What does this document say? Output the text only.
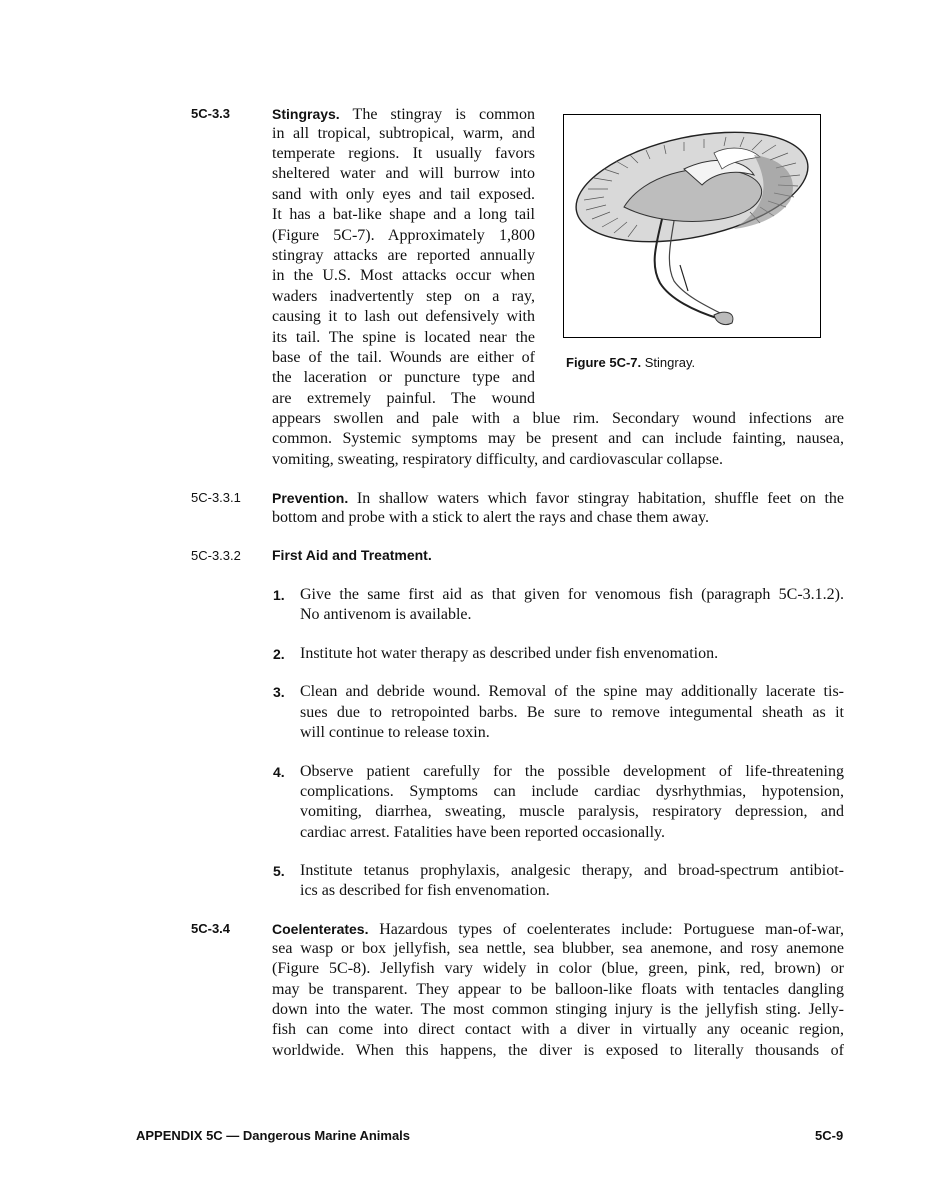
5C-3.3	Stingrays. The stingray is common
in all tropical, subtropical, warm, and
temperate regions. It usually favors
sheltered water and will burrow into
sand with only eyes and tail exposed.
It has a bat-like shape and a long tail
(Figure 5C-7). Approximately 1,800
stingray attacks are reported annually
in the U.S. Most attacks occur when
waders inadvertently step on a ray,
causing it to lash out defensively with
its tail. The spine is located near the
base of the tail. Wounds are either of
the laceration or puncture type and
are extremely painful. The wound
appears swollen and pale with a blue rim. Secondary wound infections are
common. Systemic symptoms may be present and can include fainting, nausea,
vomiting, sweating, respiratory difficulty, and cardiovascular collapse.
Figure 5C-7. Stingray.
5C-3.3.1 Prevention. In shallow waters which favor stingray habitation, shuffle feet on the
bottom and probe with a stick to alert the rays and chase them away.
5C-3.3.2 First Aid and Treatment.
1. Give the same first aid as that given for venomous fish (paragraph 5C-3.1.2).
No antivenom is available.
2. Institute hot water therapy as described under fish envenomation.
3. Clean and debride wound. Removal of the spine may additionally lacerate tis-
sues due to retropointed barbs. Be sure to remove integumental sheath as it
will continue to release toxin.
4. Observe patient carefully for the possible development of life-threatening
complications. Symptoms can include cardiac dysrhythmias, hypotension,
vomiting, diarrhea, sweating, muscle paralysis, respiratory depression, and
cardiac arrest. Fatalities have been reported occasionally.
5. Institute tetanus prophylaxis, analgesic therapy, and broad-spectrum antibiot-
ics as described for fish envenomation.
5C-3.4	Coelenterates. Hazardous types of coelenterates include: Portuguese man-of-war,
sea wasp or box jellyfish, sea nettle, sea blubber, sea anemone, and rosy anemone
(Figure 5C-8). Jellyfish vary widely in color (blue, green, pink, red, brown) or
may be transparent. They appear to be balloon-like floats with tentacles dangling
down into the water. The most common stinging injury is the jellyfish sting. Jelly-
fish can come into direct contact with a diver in virtually any oceanic region,
worldwide. When this happens, the diver is exposed to literally thousands of
APPENDIX 5C — Dangerous Marine Animals	5C-9
